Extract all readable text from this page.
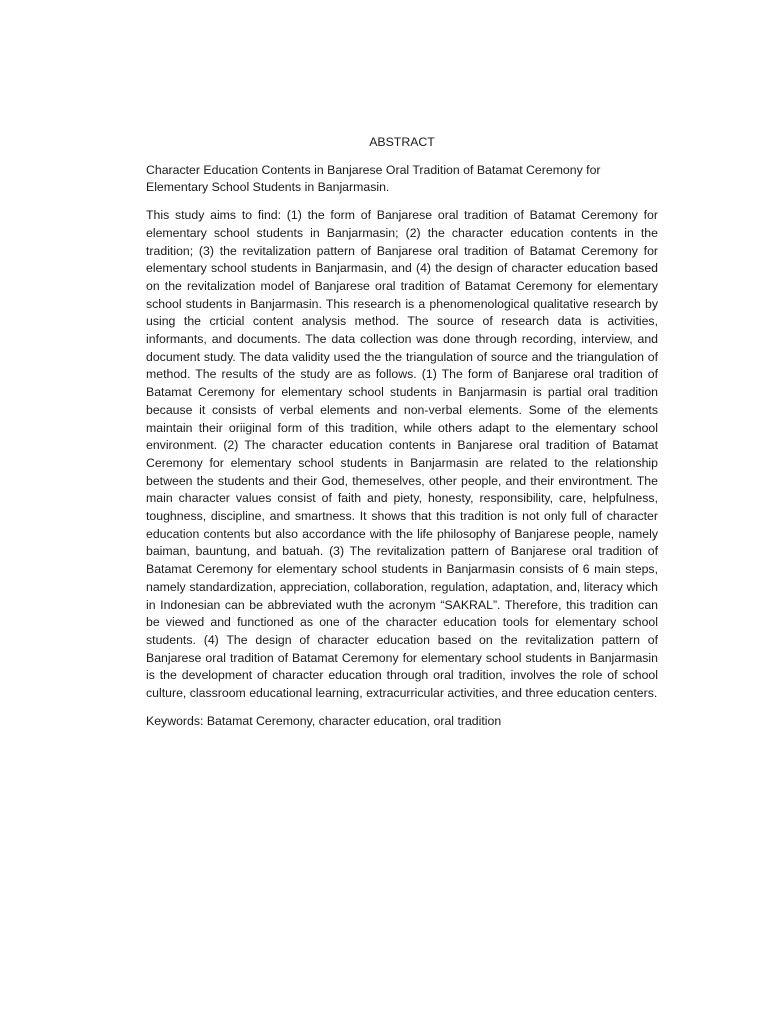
ABSTRACT

Character Education Contents in Banjarese Oral Tradition of Batamat Ceremony for Elementary School Students in Banjarmasin.

This study aims to find: (1) the form of Banjarese oral tradition of Batamat Ceremony for elementary school students in Banjarmasin; (2) the character education contents in the tradition; (3) the revitalization pattern of Banjarese oral tradition of Batamat Ceremony for elementary school students in Banjarmasin, and (4) the design of character education based on the revitalization model of Banjarese oral tradition of Batamat Ceremony for elementary school students in Banjarmasin. This research is a phenomenological qualitative research by using the crticial content analysis method. The source of research data is activities, informants, and documents. The data collection was done through recording, interview, and document study. The data validity used the the triangulation of source and the triangulation of method. The results of the study are as follows. (1) The form of Banjarese oral tradition of Batamat Ceremony for elementary school students in Banjarmasin is partial oral tradition because it consists of verbal elements and non-verbal elements. Some of the elements maintain their oriiginal form of this tradition, while others adapt to the elementary school environment. (2) The character education contents in Banjarese oral tradition of Batamat Ceremony for elementary school students in Banjarmasin are related to the relationship between the students and their God, themeselves, other people, and their environtment. The main character values consist of faith and piety, honesty, responsibility, care, helpfulness, toughness, discipline, and smartness. It shows that this tradition is not only full of character education contents but also accordance with the life philosophy of Banjarese people, namely baiman, bauntung, and batuah. (3) The revitalization pattern of Banjarese oral tradition of Batamat Ceremony for elementary school students in Banjarmasin consists of 6 main steps, namely standardization, appreciation, collaboration, regulation, adaptation, and, literacy which in Indonesian can be abbreviated wuth the acronym “SAKRAL”. Therefore, this tradition can be viewed and functioned as one of the character education tools for elementary school students. (4) The design of character education based on the revitalization pattern of Banjarese oral tradition of Batamat Ceremony for elementary school students in Banjarmasin is the development of character education through oral tradition, involves the role of school culture, classroom educational learning, extracurricular activities, and three education centers.

Keywords: Batamat Ceremony, character education, oral tradition
